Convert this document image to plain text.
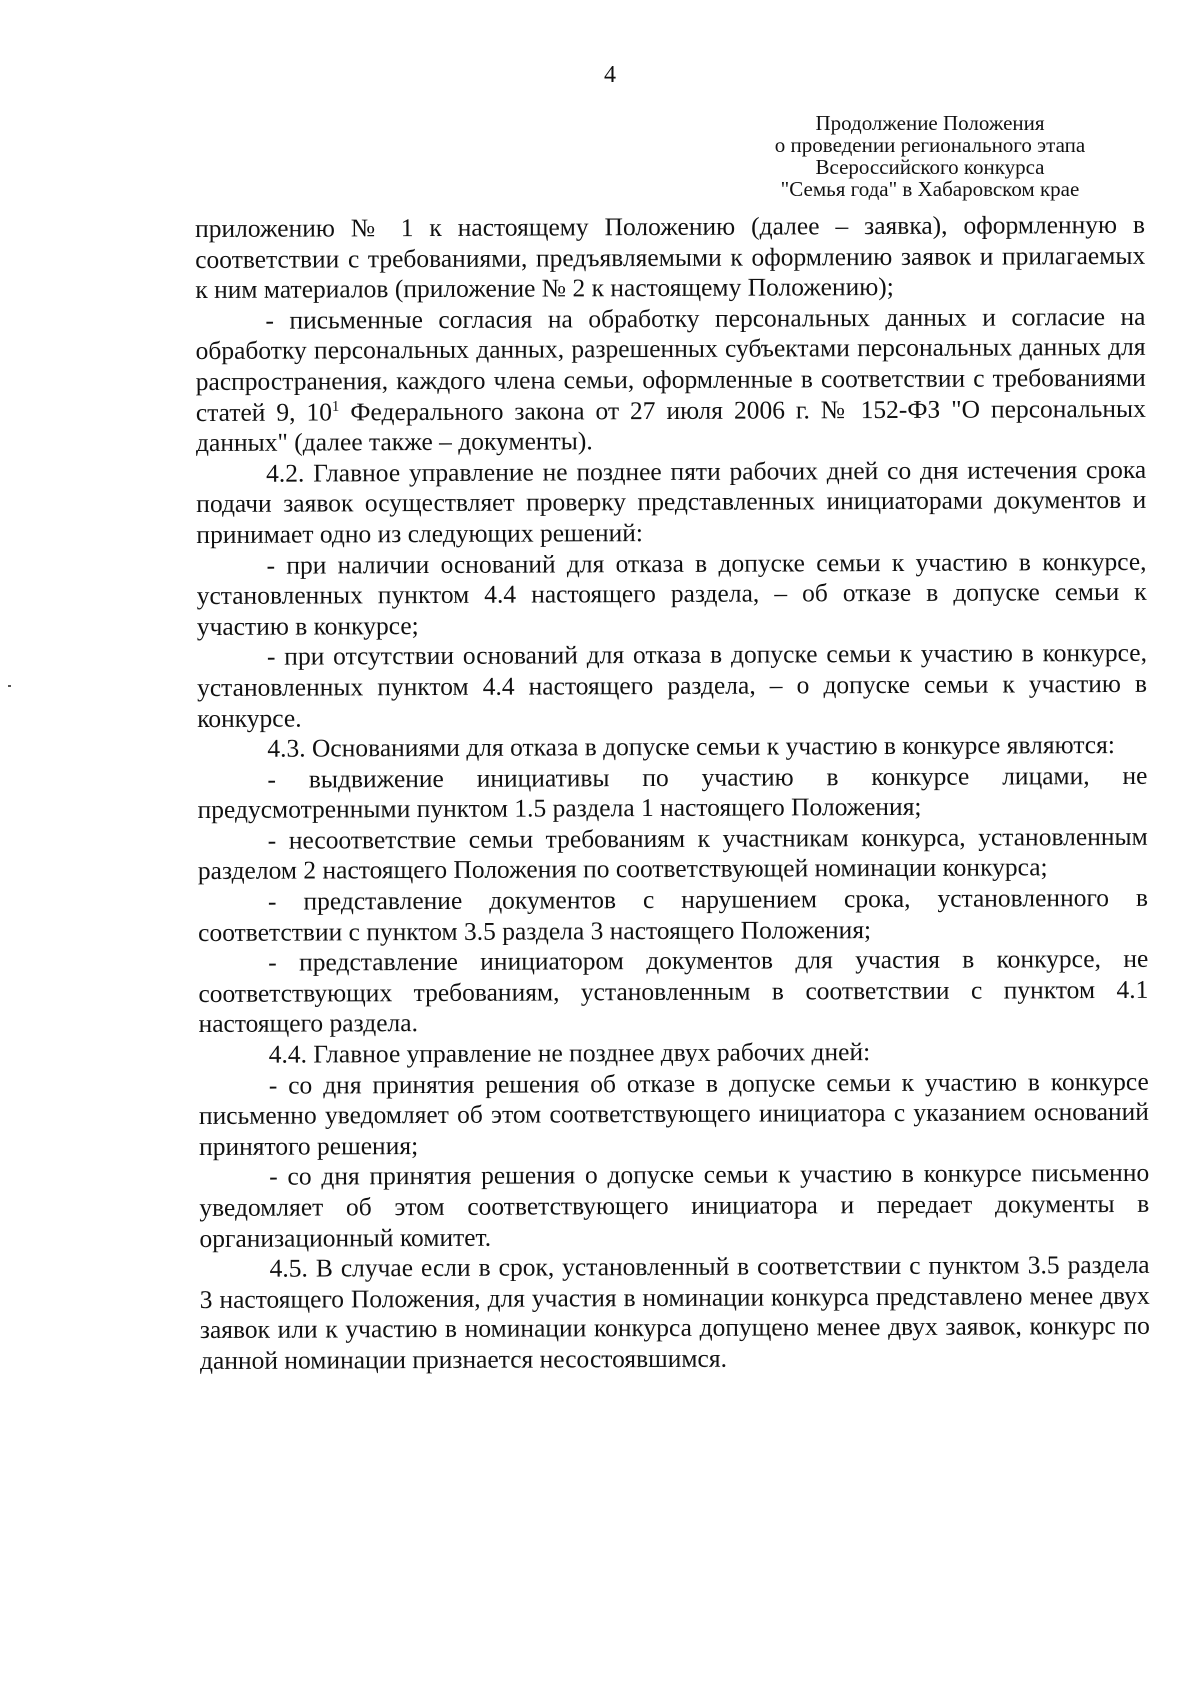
4
Продолжение Положения
о проведении регионального этапа
Всероссийского конкурса
"Семья года" в Хабаровском крае

приложению № 1 к настоящему Положению (далее – заявка), оформленную в соответствии с требованиями, предъявляемыми к оформлению заявок и прилагаемых к ним материалов (приложение № 2 к настоящему Положению);

- письменные согласия на обработку персональных данных и согласие на обработку персональных данных, разрешенных субъектами персональных данных для распространения, каждого члена семьи, оформленные в соответствии с требованиями статей 9, $10^1$ Федерального закона от 27 июля 2006 г. № 152-ФЗ "О персональных данных" (далее также – документы).

4.2. Главное управление не позднее пяти рабочих дней со дня истечения срока подачи заявок осуществляет проверку представленных инициаторами документов и принимает одно из следующих решений:

- при наличии оснований для отказа в допуске семьи к участию в конкурсе, установленных пунктом 4.4 настоящего раздела, – об отказе в допуске семьи к участию в конкурсе;

- при отсутствии оснований для отказа в допуске семьи к участию в конкурсе, установленных пунктом 4.4 настоящего раздела, – о допуске семьи к участию в конкурсе.

4.3. Основаниями для отказа в допуске семьи к участию в конкурсе являются:

- выдвижение инициативы по участию в конкурсе лицами, не предусмотренными пунктом 1.5 раздела 1 настоящего Положения;

- несоответствие семьи требованиям к участникам конкурса, установленным разделом 2 настоящего Положения по соответствующей номинации конкурса;

- представление документов с нарушением срока, установленного в соответствии с пунктом 3.5 раздела 3 настоящего Положения;

- представление инициатором документов для участия в конкурсе, не соответствующих требованиям, установленным в соответствии с пунктом 4.1 настоящего раздела.

4.4. Главное управление не позднее двух рабочих дней:

- со дня принятия решения об отказе в допуске семьи к участию в конкурсе письменно уведомляет об этом соответствующего инициатора с указанием оснований принятого решения;

- со дня принятия решения о допуске семьи к участию в конкурсе письменно уведомляет об этом соответствующего инициатора и передает документы в организационный комитет.

4.5. В случае если в срок, установленный в соответствии с пунктом 3.5 раздела 3 настоящего Положения, для участия в номинации конкурса представлено менее двух заявок или к участию в номинации конкурса допущено менее двух заявок, конкурс по данной номинации признается несостоявшимся.
